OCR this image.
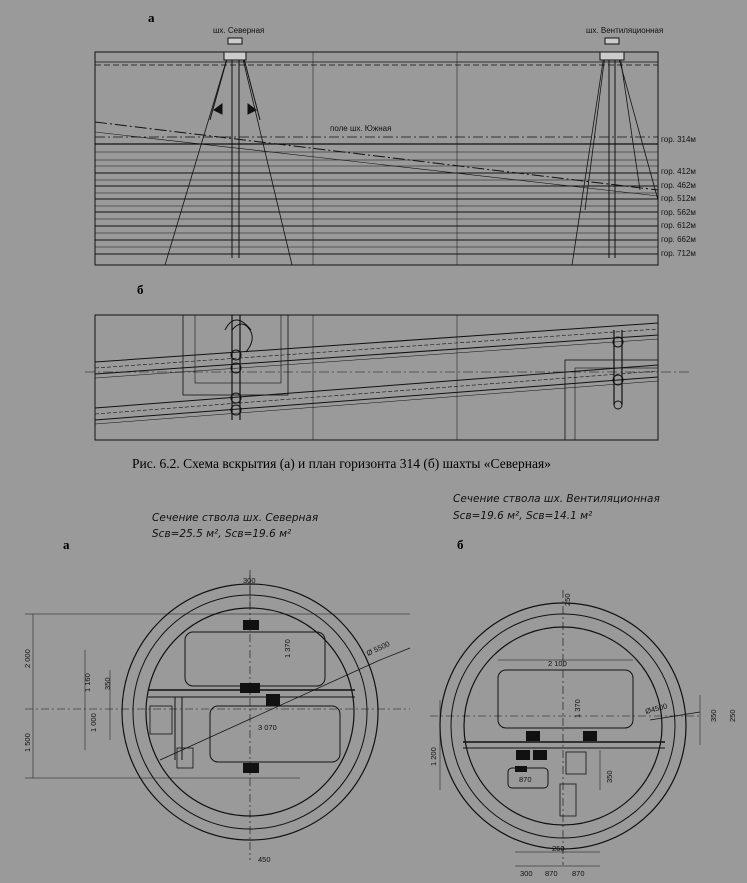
а
шх. Северная	шх. Вентиляционная
поле шх. Южная
гор. 314м
гор. 412м
гор. 462м
гор. 512м
гор. 562м
гор. 612м
гор. 662м
гор. 712м
б
Рис. 6.2. Схема вскрытия (а) и план горизонта 314 (б) шахты «Северная»
Сечение ствола шх. Северная
Sсв=25.5 м², Sсв=19.6 м²
а
300
2 000
1 160 350
1 000
1 500
1 370
3 070
Ø 5500
450
Сечение ствола шх. Вентиляционная
Sсв=19.6 м², Sсв=14.1 м²
б
250
2 100
1 370	Ø4500	350 250
1 200
870	350
250
300 870 870
